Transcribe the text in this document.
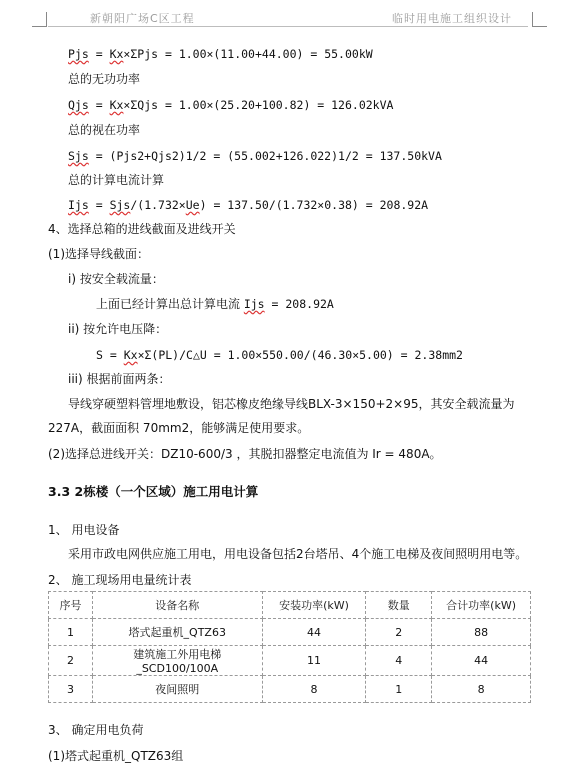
新朝阳广场C区工程	临时用电施工组织设计
Pjs = Kx×ΣPjs = 1.00×(11.00+44.00) = 55.00kW
总的无功功率
Qjs = Kx×ΣQjs = 1.00×(25.20+100.82) = 126.02kVA
总的视在功率
Sjs = (Pjs2+Qjs2)1/2 = (55.002+126.022)1/2 = 137.50kVA
总的计算电流计算
Ijs = Sjs/(1.732×Ue) = 137.50/(1.732×0.38) = 208.92A
4、选择总箱的进线截面及进线开关
(1)选择导线截面：
i) 按安全载流量：
上面已经计算出总计算电流 Ijs = 208.92A
ii) 按允许电压降：
S = Kx×Σ(PL)/C△U = 1.00×550.00/(46.30×5.00) = 2.38mm2
iii) 根据前面两条：
导线穿硬塑料管埋地敷设，铝芯橡皮绝缘导线BLX-3×150+2×95，其安全载流量为
227A，截面面积 70mm2，能够满足使用要求。
(2)选择总进线开关：DZ10-600/3 ，其脱扣器整定电流值为 Ir = 480A。
3.3 2栋楼（一个区域）施工用电计算
1、 用电设备
采用市政电网供应施工用电，用电设备包括2台塔吊、4个施工电梯及夜间照明用电等。
2、 施工现场用电量统计表
序号	设备名称	安装功率(kW)	数量	合计功率(kW)
1	塔式起重机_QTZ63	44	2	88
2	建筑施工外用电梯_SCD100/100A	11	4	44
3	夜间照明	8	1	8
3、 确定用电负荷
(1)塔式起重机_QTZ63组
